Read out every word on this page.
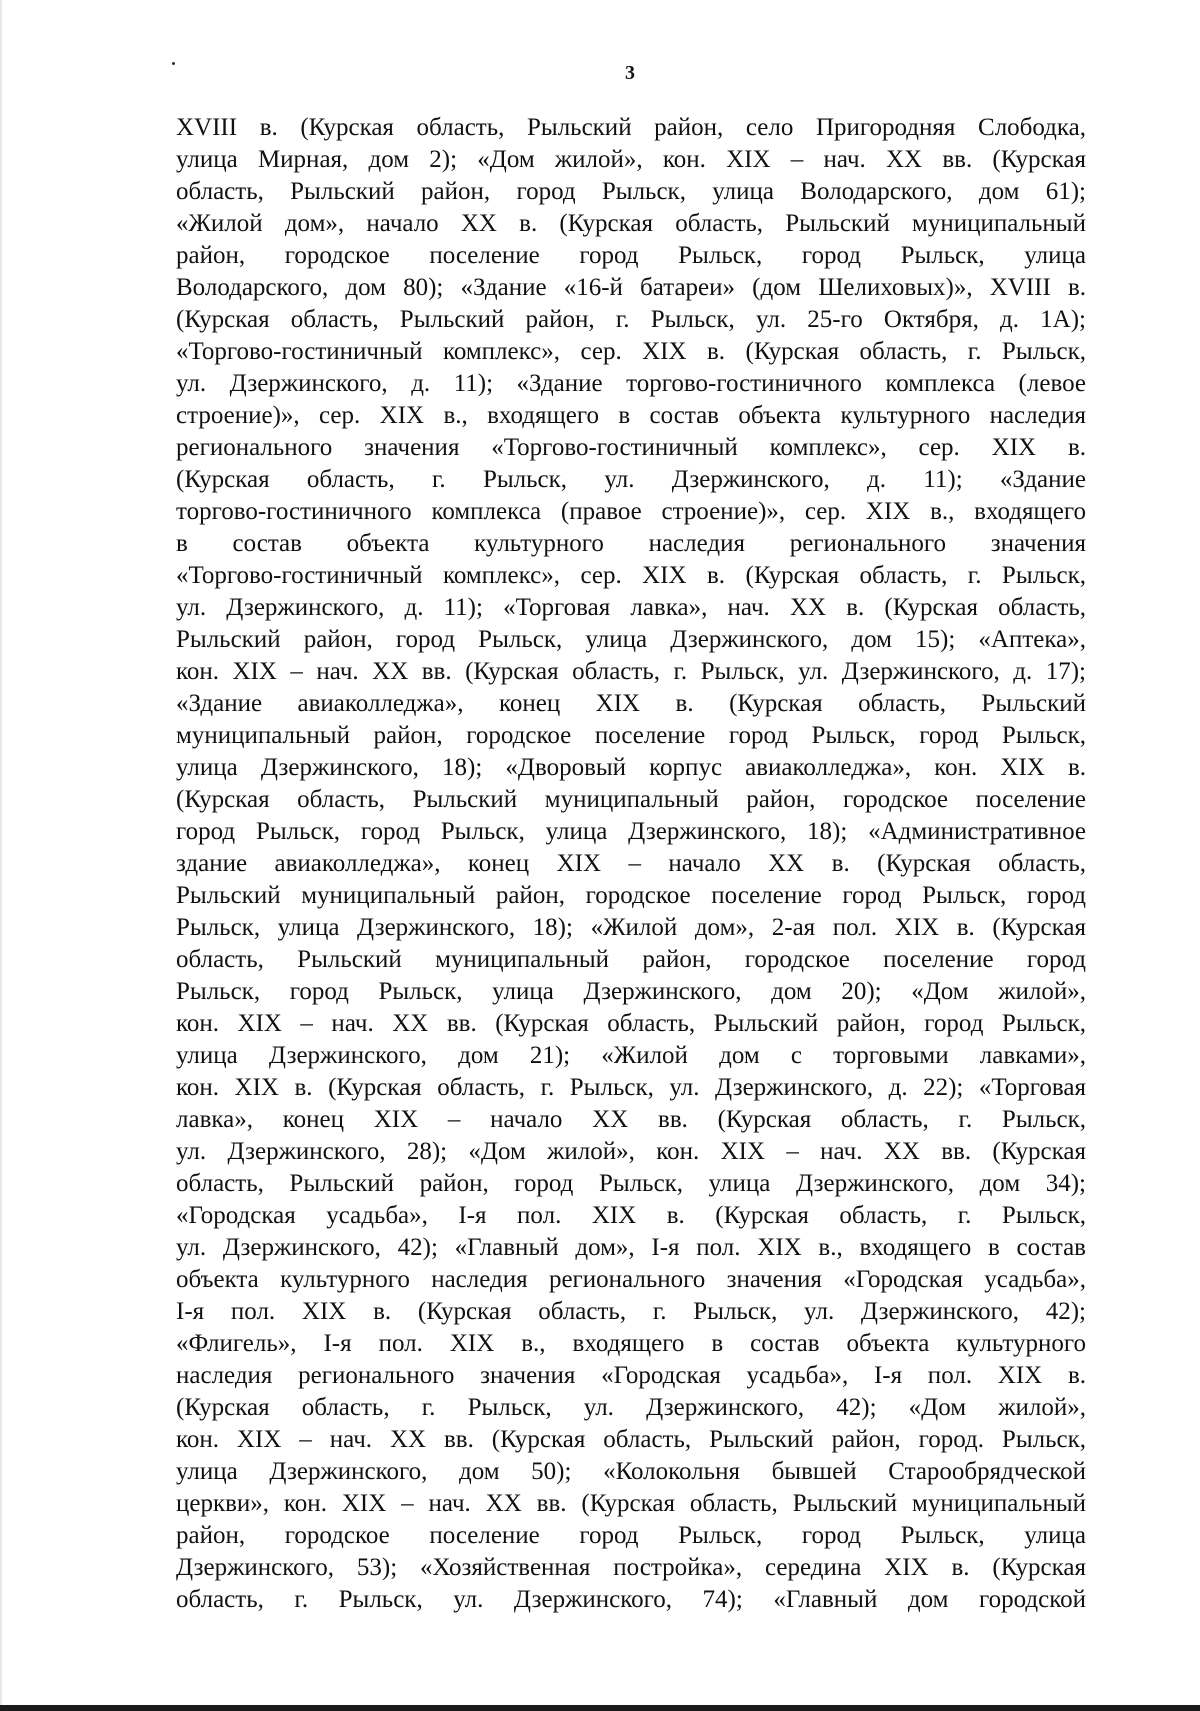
3
XVIII в. (Курская область, Рыльский район, село Пригородняя Слободка,
улица Мирная, дом 2); «Дом жилой», кон. XIX – нач. XX вв. (Курская
область, Рыльский район, город Рыльск, улица Володарского, дом 61);
«Жилой дом», начало XX в. (Курская область, Рыльский муниципальный
район, городское поселение город Рыльск, город Рыльск, улица
Володарского, дом 80); «Здание «16-й батареи» (дом Шелиховых)», XVIII в.
(Курская область, Рыльский район, г. Рыльск, ул. 25-го Октября, д. 1А);
«Торгово-гостиничный комплекс», сер. XIX в. (Курская область, г. Рыльск,
ул. Дзержинского, д. 11); «Здание торгово-гостиничного комплекса (левое
строение)», сер. XIX в., входящего в состав объекта культурного наследия
регионального значения «Торгово-гостиничный комплекс», сер. XIX в.
(Курская область, г. Рыльск, ул. Дзержинского, д. 11); «Здание
торгово-гостиничного комплекса (правое строение)», сер. XIX в., входящего
в состав объекта культурного наследия регионального значения
«Торгово-гостиничный комплекс», сер. XIX в. (Курская область, г. Рыльск,
ул. Дзержинского, д. 11); «Торговая лавка», нач. XX в. (Курская область,
Рыльский район, город Рыльск, улица Дзержинского, дом 15); «Аптека»,
кон. XIX – нач. XX вв. (Курская область, г. Рыльск, ул. Дзержинского, д. 17);
«Здание авиаколледжа», конец XIX в. (Курская область, Рыльский
муниципальный район, городское поселение город Рыльск, город Рыльск,
улица Дзержинского, 18); «Дворовый корпус авиаколледжа», кон. XIX в.
(Курская область, Рыльский муниципальный район, городское поселение
город Рыльск, город Рыльск, улица Дзержинского, 18); «Административное
здание авиаколледжа», конец XIX – начало XX в. (Курская область,
Рыльский муниципальный район, городское поселение город Рыльск, город
Рыльск, улица Дзержинского, 18); «Жилой дом», 2-ая пол. XIX в. (Курская
область, Рыльский муниципальный район, городское поселение город
Рыльск, город Рыльск, улица Дзержинского, дом 20); «Дом жилой»,
кон. XIX – нач. XX вв. (Курская область, Рыльский район, город Рыльск,
улица Дзержинского, дом 21); «Жилой дом с торговыми лавками»,
кон. XIX в. (Курская область, г. Рыльск, ул. Дзержинского, д. 22); «Торговая
лавка», конец XIX – начало XX вв. (Курская область, г. Рыльск,
ул. Дзержинского, 28); «Дом жилой», кон. XIX – нач. XX вв. (Курская
область, Рыльский район, город Рыльск, улица Дзержинского, дом 34);
«Городская усадьба», I-я пол. XIX в. (Курская область, г. Рыльск,
ул. Дзержинского, 42); «Главный дом», I-я пол. XIX в., входящего в состав
объекта культурного наследия регионального значения «Городская усадьба»,
I-я пол. XIX в. (Курская область, г. Рыльск, ул. Дзержинского, 42);
«Флигель», I-я пол. XIX в., входящего в состав объекта культурного
наследия регионального значения «Городская усадьба», I-я пол. XIX в.
(Курская область, г. Рыльск, ул. Дзержинского, 42); «Дом жилой»,
кон. XIX – нач. XX вв. (Курская область, Рыльский район, город. Рыльск,
улица Дзержинского, дом 50); «Колокольня бывшей Старообрядческой
церкви», кон. XIX – нач. XX вв. (Курская область, Рыльский муниципальный
район, городское поселение город Рыльск, город Рыльск, улица
Дзержинского, 53); «Хозяйственная постройка», середина XIX в. (Курская
область, г. Рыльск, ул. Дзержинского, 74); «Главный дом городской
